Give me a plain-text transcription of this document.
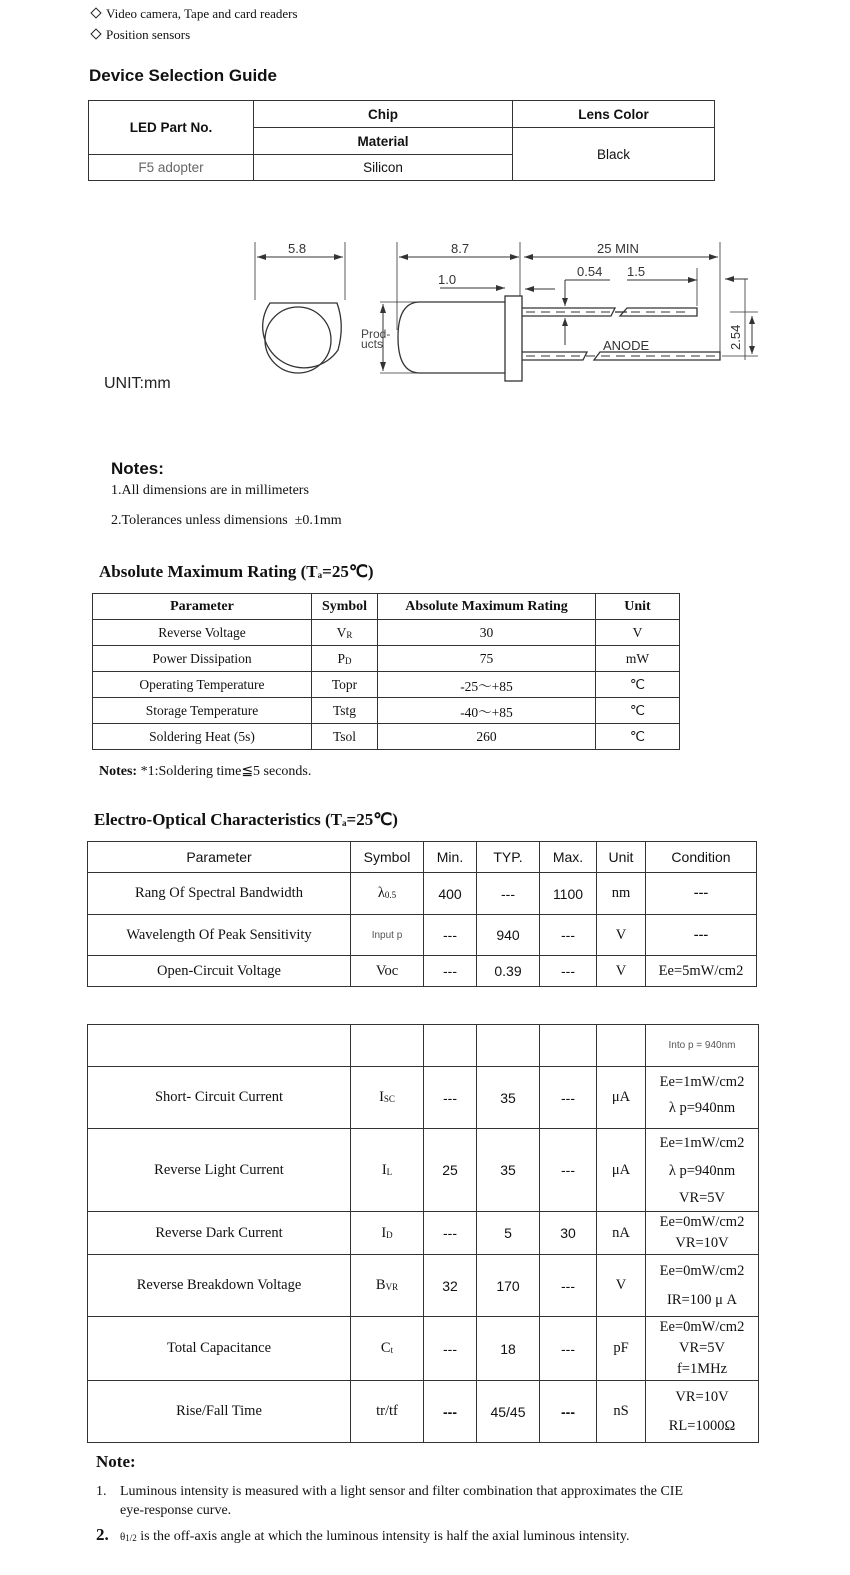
Video camera, Tape and card readers
Position sensors
Device Selection Guide
LED Part No.	Chip	Lens Color
	Material	Black
F5 adopter	Silicon	
5.8	8.7
1.0
25 MIN
0.54 1.5
ANODE	2.54
Prod-
ucts
UNIT:mm
Notes:
1.All dimensions are in millimeters
2.Tolerances unless dimensions  ±0.1mm
Absolute Maximum Rating $(T_a=25℃)$
Parameter	Symbol	Absolute Maximum Rating	Unit
Reverse Voltage	$V_R$	30	V
Power Dissipation	$P_D$	75	mW
Operating Temperature	Topr	-25～+85	℃
Storage Temperature	Tstg	-40～+85	℃
Soldering Heat (5s)	Tsol	260	℃
Notes: *1:Soldering time≦5 seconds.
Electro-Optical Characteristics $(T_a=25℃)$
Parameter	Symbol	Min.	TYP.	Max.	Unit	Condition
Rang Of Spectral Bandwidth	$\lambda_{0.5}$	400	---	1100	nm	---
Wavelength Of Peak Sensitivity	Input p	---	940	---	V	---
Open-Circuit Voltage	Voc	---	0.39	---	V	Ee=5mW/cm2
						Into p = 940nm
Short- Circuit Current	$I_{SC}$	---	35	---	μA	Ee=1mW/cm2
λ p=940nm

Reverse Light Current	$I_L$	25	35	---	μA	Ee=1mW/cm2
λ p=940nm
VR=5V

Reverse Dark Current	$I_D$	---	5	30	nA	Ee=0mW/cm2
VR=10V

Reverse Breakdown Voltage	$B_{VR}$	32	170	---	V	Ee=0mW/cm2
IR=100 μ A

Total Capacitance	$C_t$	---	18	---	pF	Ee=0mW/cm2
VR=5V
f=1MHz

Rise/Fall Time	tr/tf	---	45/45	---	nS	VR=10V
RL=1000Ω
Note:
1. Luminous intensity is measured with a light sensor and filter combination that approximates the CIE
eye-response curve.
2. $\theta_{1/2}$ is the off-axis angle at which the luminous intensity is half the axial luminous intensity.
